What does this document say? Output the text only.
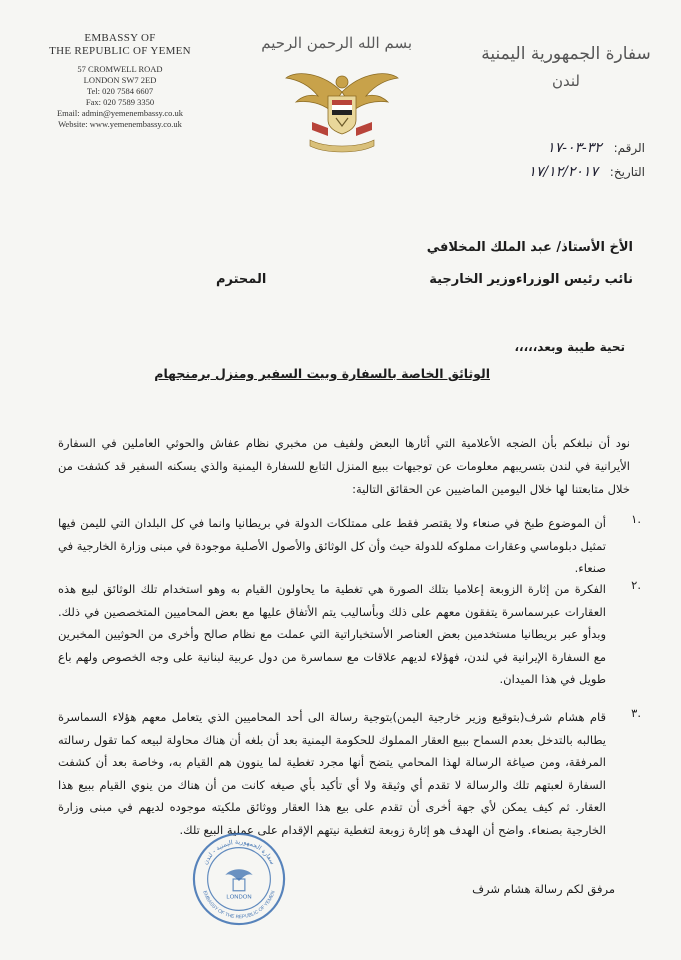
EMBASSY OF
THE REPUBLIC OF YEMEN
57 CROMWELL ROAD
LONDON SW7 2ED
Tel: 020 7584 6607
Fax: 020 7589 3350
Email: admin@yemenembassy.co.uk
Website: www.yemenembassy.co.uk
بسم الله الرحمن الرحيم
سفارة الجمهورية اليمنية
لندن
الرقم: ٣٢-٠٣-١٧
التاريخ: ١٧/١٢/٢٠١٧
الأخ الأستاذ/ عبد الملك المخلافي
نائب رئيس الوزراءوزير الخارجية
المحترم
تحية طيبة وبعد،،،،،
الوثائق الخاصة بالسفارة وبيت السفير ومنزل برمنجهام
نود أن نبلغكم بأن الضجه الأعلامية التي أثارها البعض ولفيف من مخبري نظام عفاش والحوثي العاملين في السفارة الأيرانية في لندن بتسريبهم معلومات عن توجيهات ببيع المنزل التابع للسفارة اليمنية والذي يسكنه السفير قد كشفت من خلال متابعتنا لها خلال اليومين الماضيين عن الحقائق التالية:
.١
أن الموضوع طبخ في صنعاء ولا يقتصر فقط على ممتلكات الدولة في بريطانيا وانما في كل البلدان التي لليمن فيها تمثيل دبلوماسي وعقارات مملوكه للدولة حيث وأن كل الوثائق والأصول الأصلية موجودة في مبنى وزارة الخارجية في صنعاء.
.٢
الفكرة من إثارة الزوبعة إعلاميا بتلك الصورة هي تغطية ما يحاولون القيام به وهو استخدام تلك الوثائق لبيع هذه العقارات عبرسماسرة يتفقون معهم على ذلك وبأساليب يتم الأتفاق عليها مع بعض المحاميين المتخصصين في ذلك. وبدأو عبر بريطانيا مستخدمين بعض العناصر الأستخباراتية التي عملت مع نظام صالح وأخرى من الحوثيين المخبرين مع السفارة الإيرانية في لندن، فهؤلاء لديهم علاقات مع سماسرة من دول عربية لبنانية على وجه الخصوص ولهم باع طويل في هذا الميدان.
.٣
قام هشام شرف(بتوقيع وزير خارجية اليمن)بتوجية رسالة الى أحد المحاميين الذي يتعامل معهم هؤلاء السماسرة يطالبه بالتدخل بعدم السماح ببيع العقار المملوك للحكومة اليمنية بعد أن بلغه أن هناك محاولة لبيعه كما تقول رسالته المرفقة، ومن صياغة الرسالة لهذا المحامي يتضح أنها مجرد تغطية لما ينوون هم القيام به، وخاصة بعد أن كشفت السفارة لعبتهم تلك والرسالة لا تقدم أي وثيقة ولا أي تأكيد بأي صيغه كانت من أن هناك من ينوي القيام ببيع هذا العقار. ثم كيف يمكن لأي جهة أخرى أن تقدم على بيع هذا العقار ووثائق ملكيته موجوده لديهم في مبنى وزارة الخارجية بصنعاء. واضح أن الهدف هو إثارة زوبعة لتغطية نيتهم الإقدام على عملية البيع تلك.
مرفق لكم رسالة هشام شرف
LONDON
سفارة الجمهورية اليمنية - لندن
EMBASSY OF THE REPUBLIC OF YEMEN
